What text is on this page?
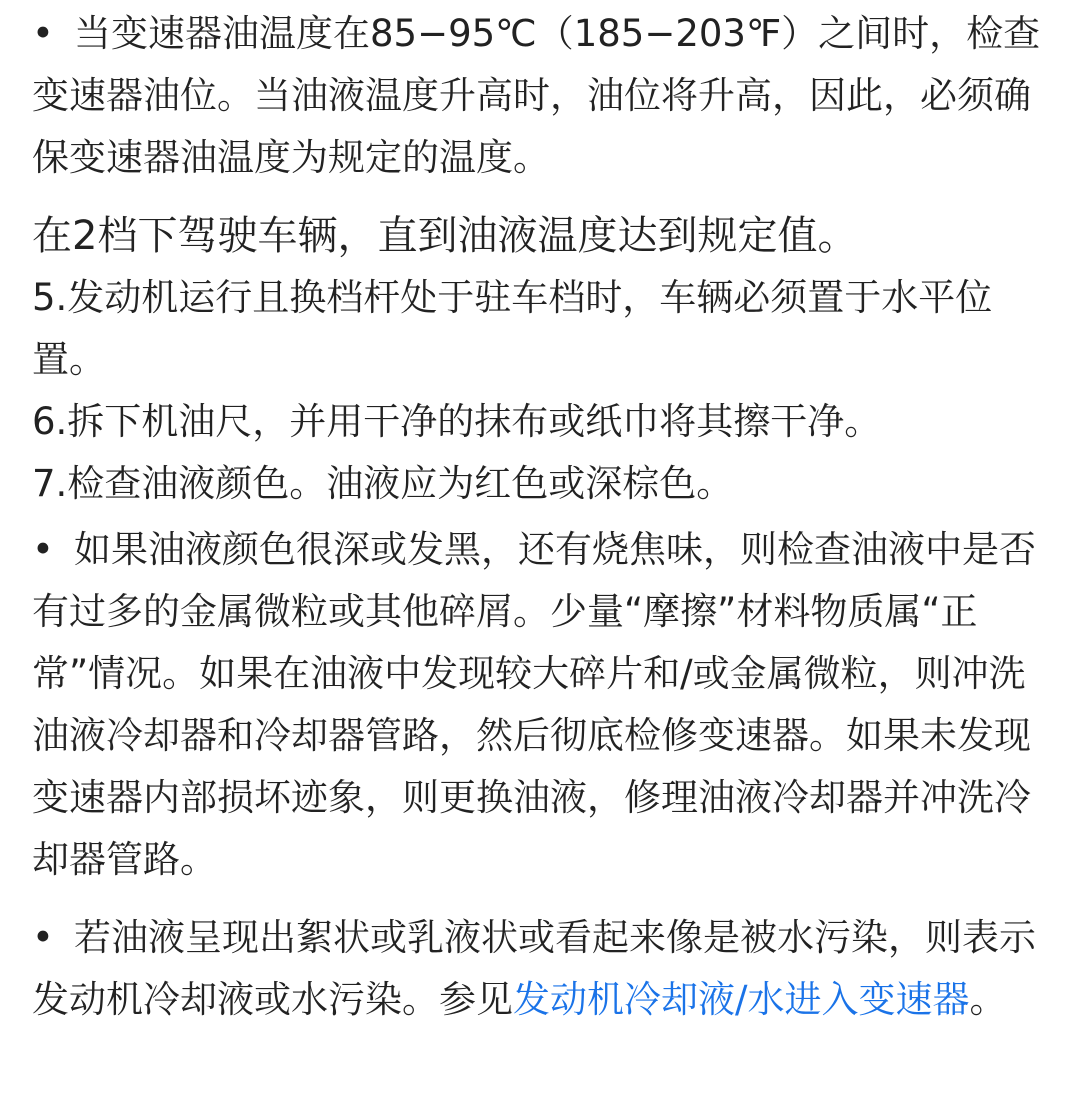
• 当变速器油温度在85−95℃（185−203℉）之间时，检查变速器油位。当油液温度升高时，油位将升高，因此，必须确保变速器油温度为规定的温度。

在2档下驾驶车辆，直到油液温度达到规定值。

5.发动机运行且换档杆处于驻车档时，车辆必须置于水平位置。

6.拆下机油尺，并用干净的抹布或纸巾将其擦干净。

7.检查油液颜色。油液应为红色或深棕色。

• 如果油液颜色很深或发黑，还有烧焦味，则检查油液中是否有过多的金属微粒或其他碎屑。少量“摩擦”材料物质属“正常”情况。如果在油液中发现较大碎片和/或金属微粒，则冲洗油液冷却器和冷却器管路，然后彻底检修变速器。如果未发现变速器内部损坏迹象，则更换油液，修理油液冷却器并冲洗冷却器管路。

• 若油液呈现出絮状或乳液状或看起来像是被水污染，则表示发动机冷却液或水污染。参见发动机冷却液/水进入变速器。
